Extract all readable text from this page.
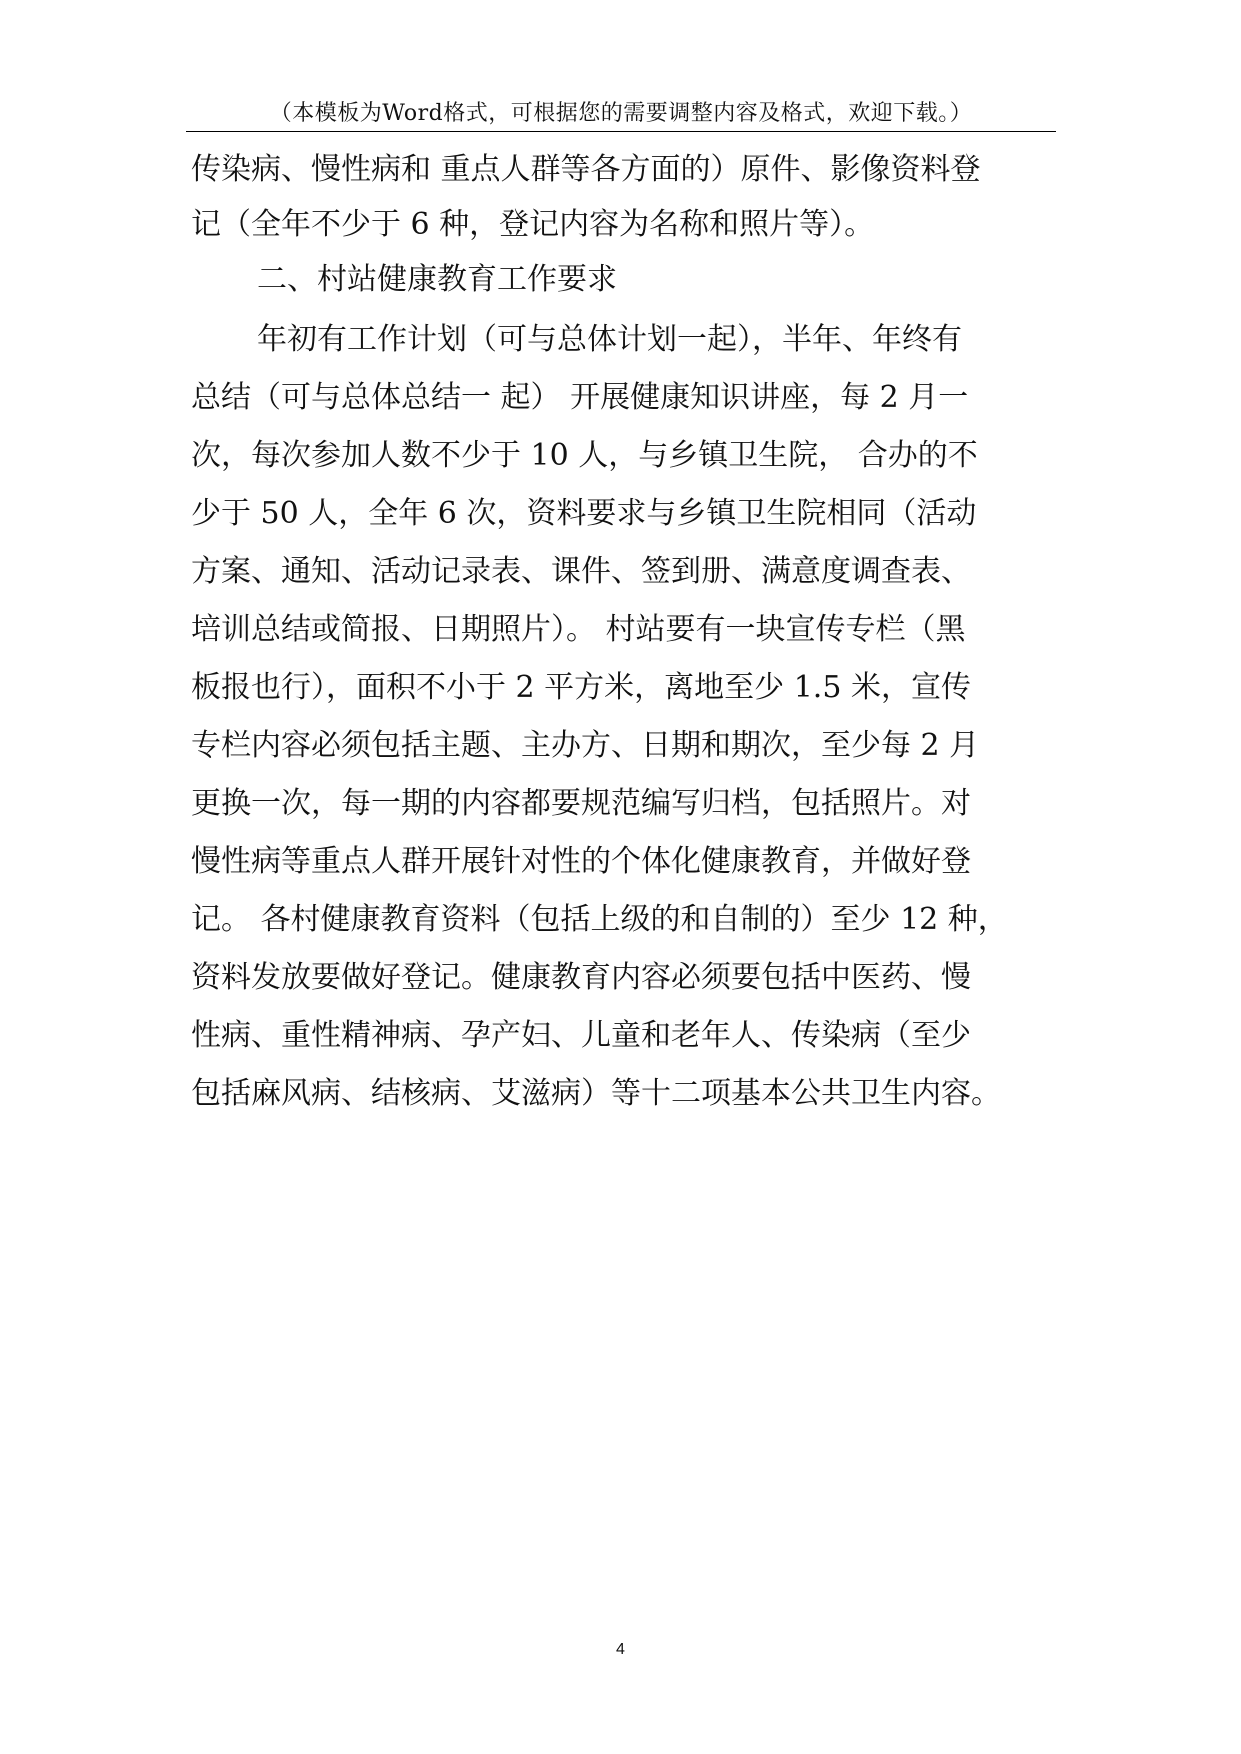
（本模板为Word格式，可根据您的需要调整内容及格式，欢迎下载。）
传染病、慢性病和 重点人群等各方面的）原件、影像资料登
记（全年不少于 6 种，登记内容为名称和照片等）。
二、村站健康教育工作要求
年初有工作计划（可与总体计划一起），半年、年终有
总结（可与总体总结一 起） 开展健康知识讲座，每 2 月一
次，每次参加人数不少于 10 人，与乡镇卫生院， 合办的不
少于 50 人，全年 6 次，资料要求与乡镇卫生院相同（活动
方案、通知、活动记录表、课件、签到册、满意度调查表、
培训总结或简报、日期照片）。 村站要有一块宣传专栏（黑
板报也行），面积不小于 2 平方米，离地至少 1.5 米，宣传
专栏内容必须包括主题、主办方、日期和期次，至少每 2 月
更换一次，每一期的内容都要规范编写归档，包括照片。对
慢性病等重点人群开展针对性的个体化健康教育，并做好登
记。 各村健康教育资料（包括上级的和自制的）至少 12 种，
资料发放要做好登记。健康教育内容必须要包括中医药、慢
性病、重性精神病、孕产妇、儿童和老年人、传染病（至少
包括麻风病、结核病、艾滋病）等十二项基本公共卫生内容。
4
